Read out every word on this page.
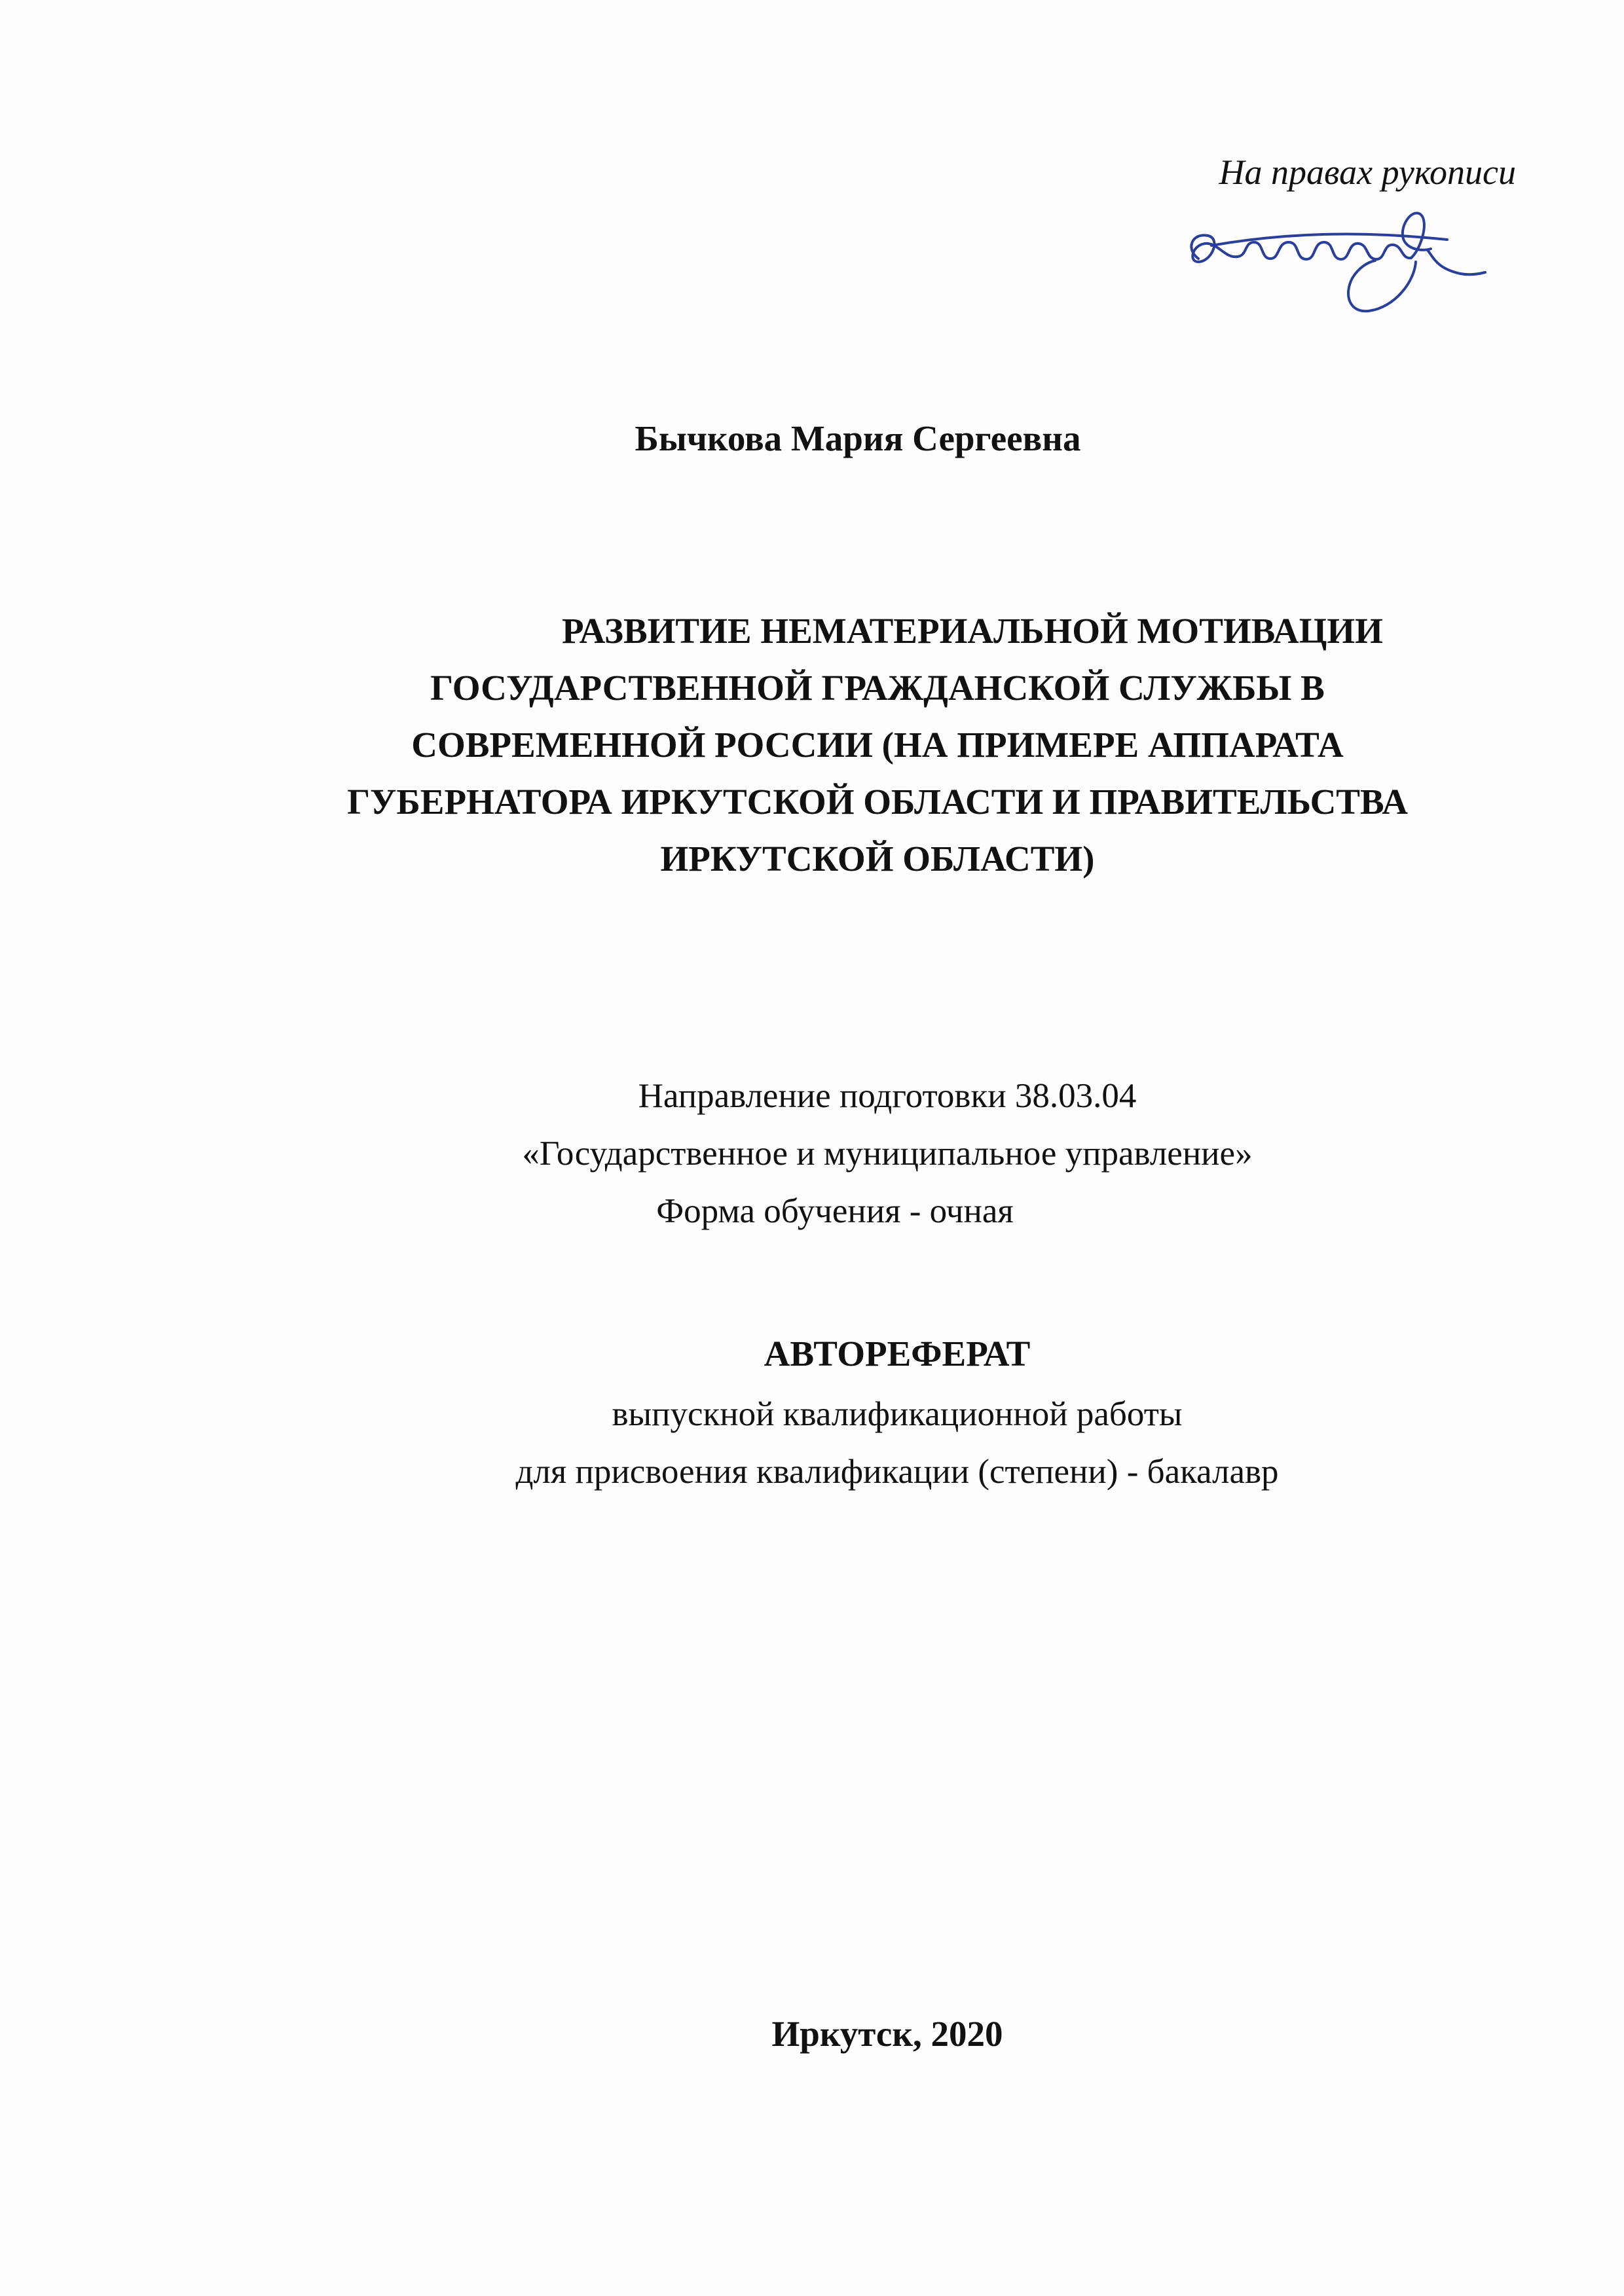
На правах рукописи
Бычкова Мария Сергеевна
РАЗВИТИЕ НЕМАТЕРИАЛЬНОЙ МОТИВАЦИИ
ГОСУДАРСТВЕННОЙ ГРАЖДАНСКОЙ СЛУЖБЫ В
СОВРЕМЕННОЙ РОССИИ (НА ПРИМЕРЕ АППАРАТА
ГУБЕРНАТОРА ИРКУТСКОЙ ОБЛАСТИ И ПРАВИТЕЛЬСТВА
ИРКУТСКОЙ ОБЛАСТИ)
Направление подготовки 38.03.04
«Государственное и муниципальное управление»
Форма обучения - очная
АВТОРЕФЕРАТ
выпускной квалификационной работы
для присвоения квалификации (степени) - бакалавр
Иркутск, 2020
